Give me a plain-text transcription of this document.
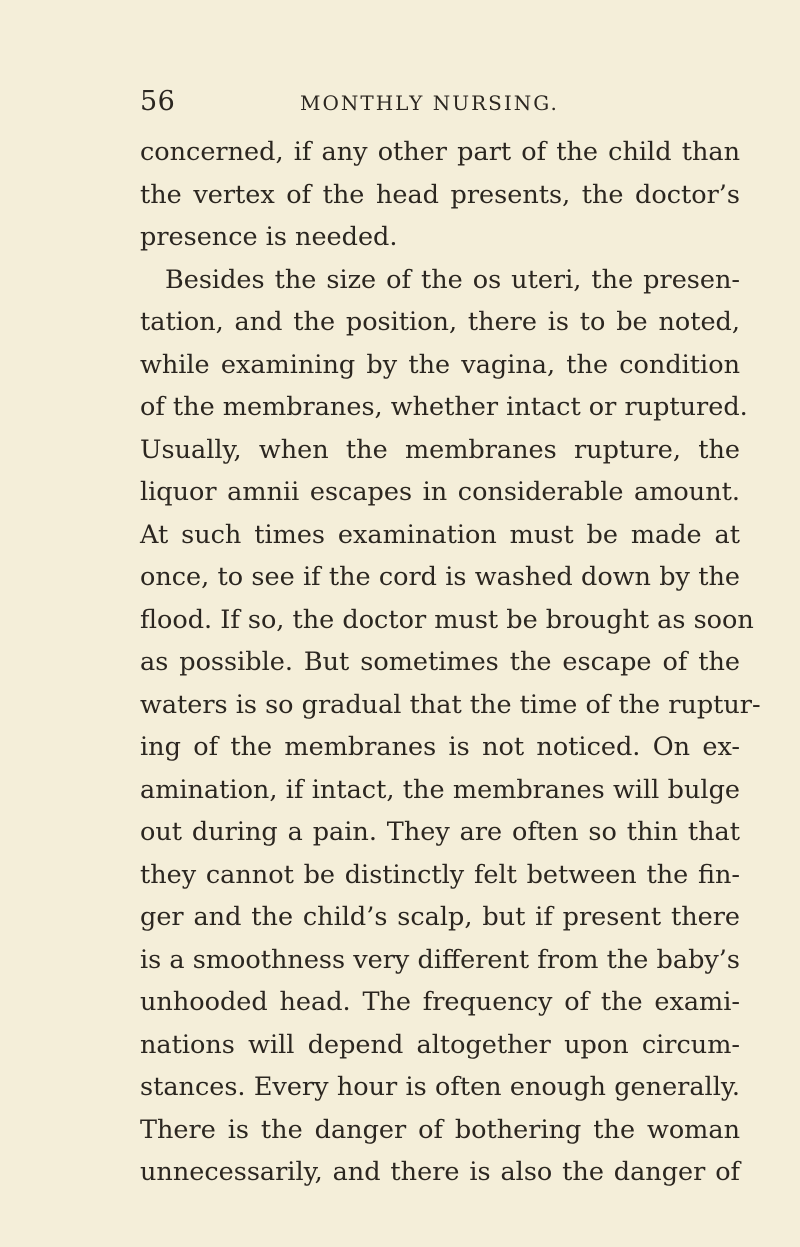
56	MONTHLY NURSING.
concerned, if any other part of the child than
the vertex of the head presents, the doctor’s
presence is needed.
Besides the size of the os uteri, the presen-
tation, and the position, there is to be noted,
while examining by the vagina, the condition
of the membranes, whether intact or ruptured.
Usually, when the membranes rupture, the
liquor amnii escapes in considerable amount.
At such times examination must be made at
once, to see if the cord is washed down by the
flood. If so, the doctor must be brought as soon
as possible. But sometimes the escape of the
waters is so gradual that the time of the ruptur-
ing of the membranes is not noticed. On ex-
amination, if intact, the membranes will bulge
out during a pain. They are often so thin that
they cannot be distinctly felt between the fin-
ger and the child’s scalp, but if present there
is a smoothness very different from the baby’s
unhooded head. The frequency of the exami-
nations will depend altogether upon circum-
stances. Every hour is often enough generally.
There is the danger of bothering the woman
unnecessarily, and there is also the danger of
